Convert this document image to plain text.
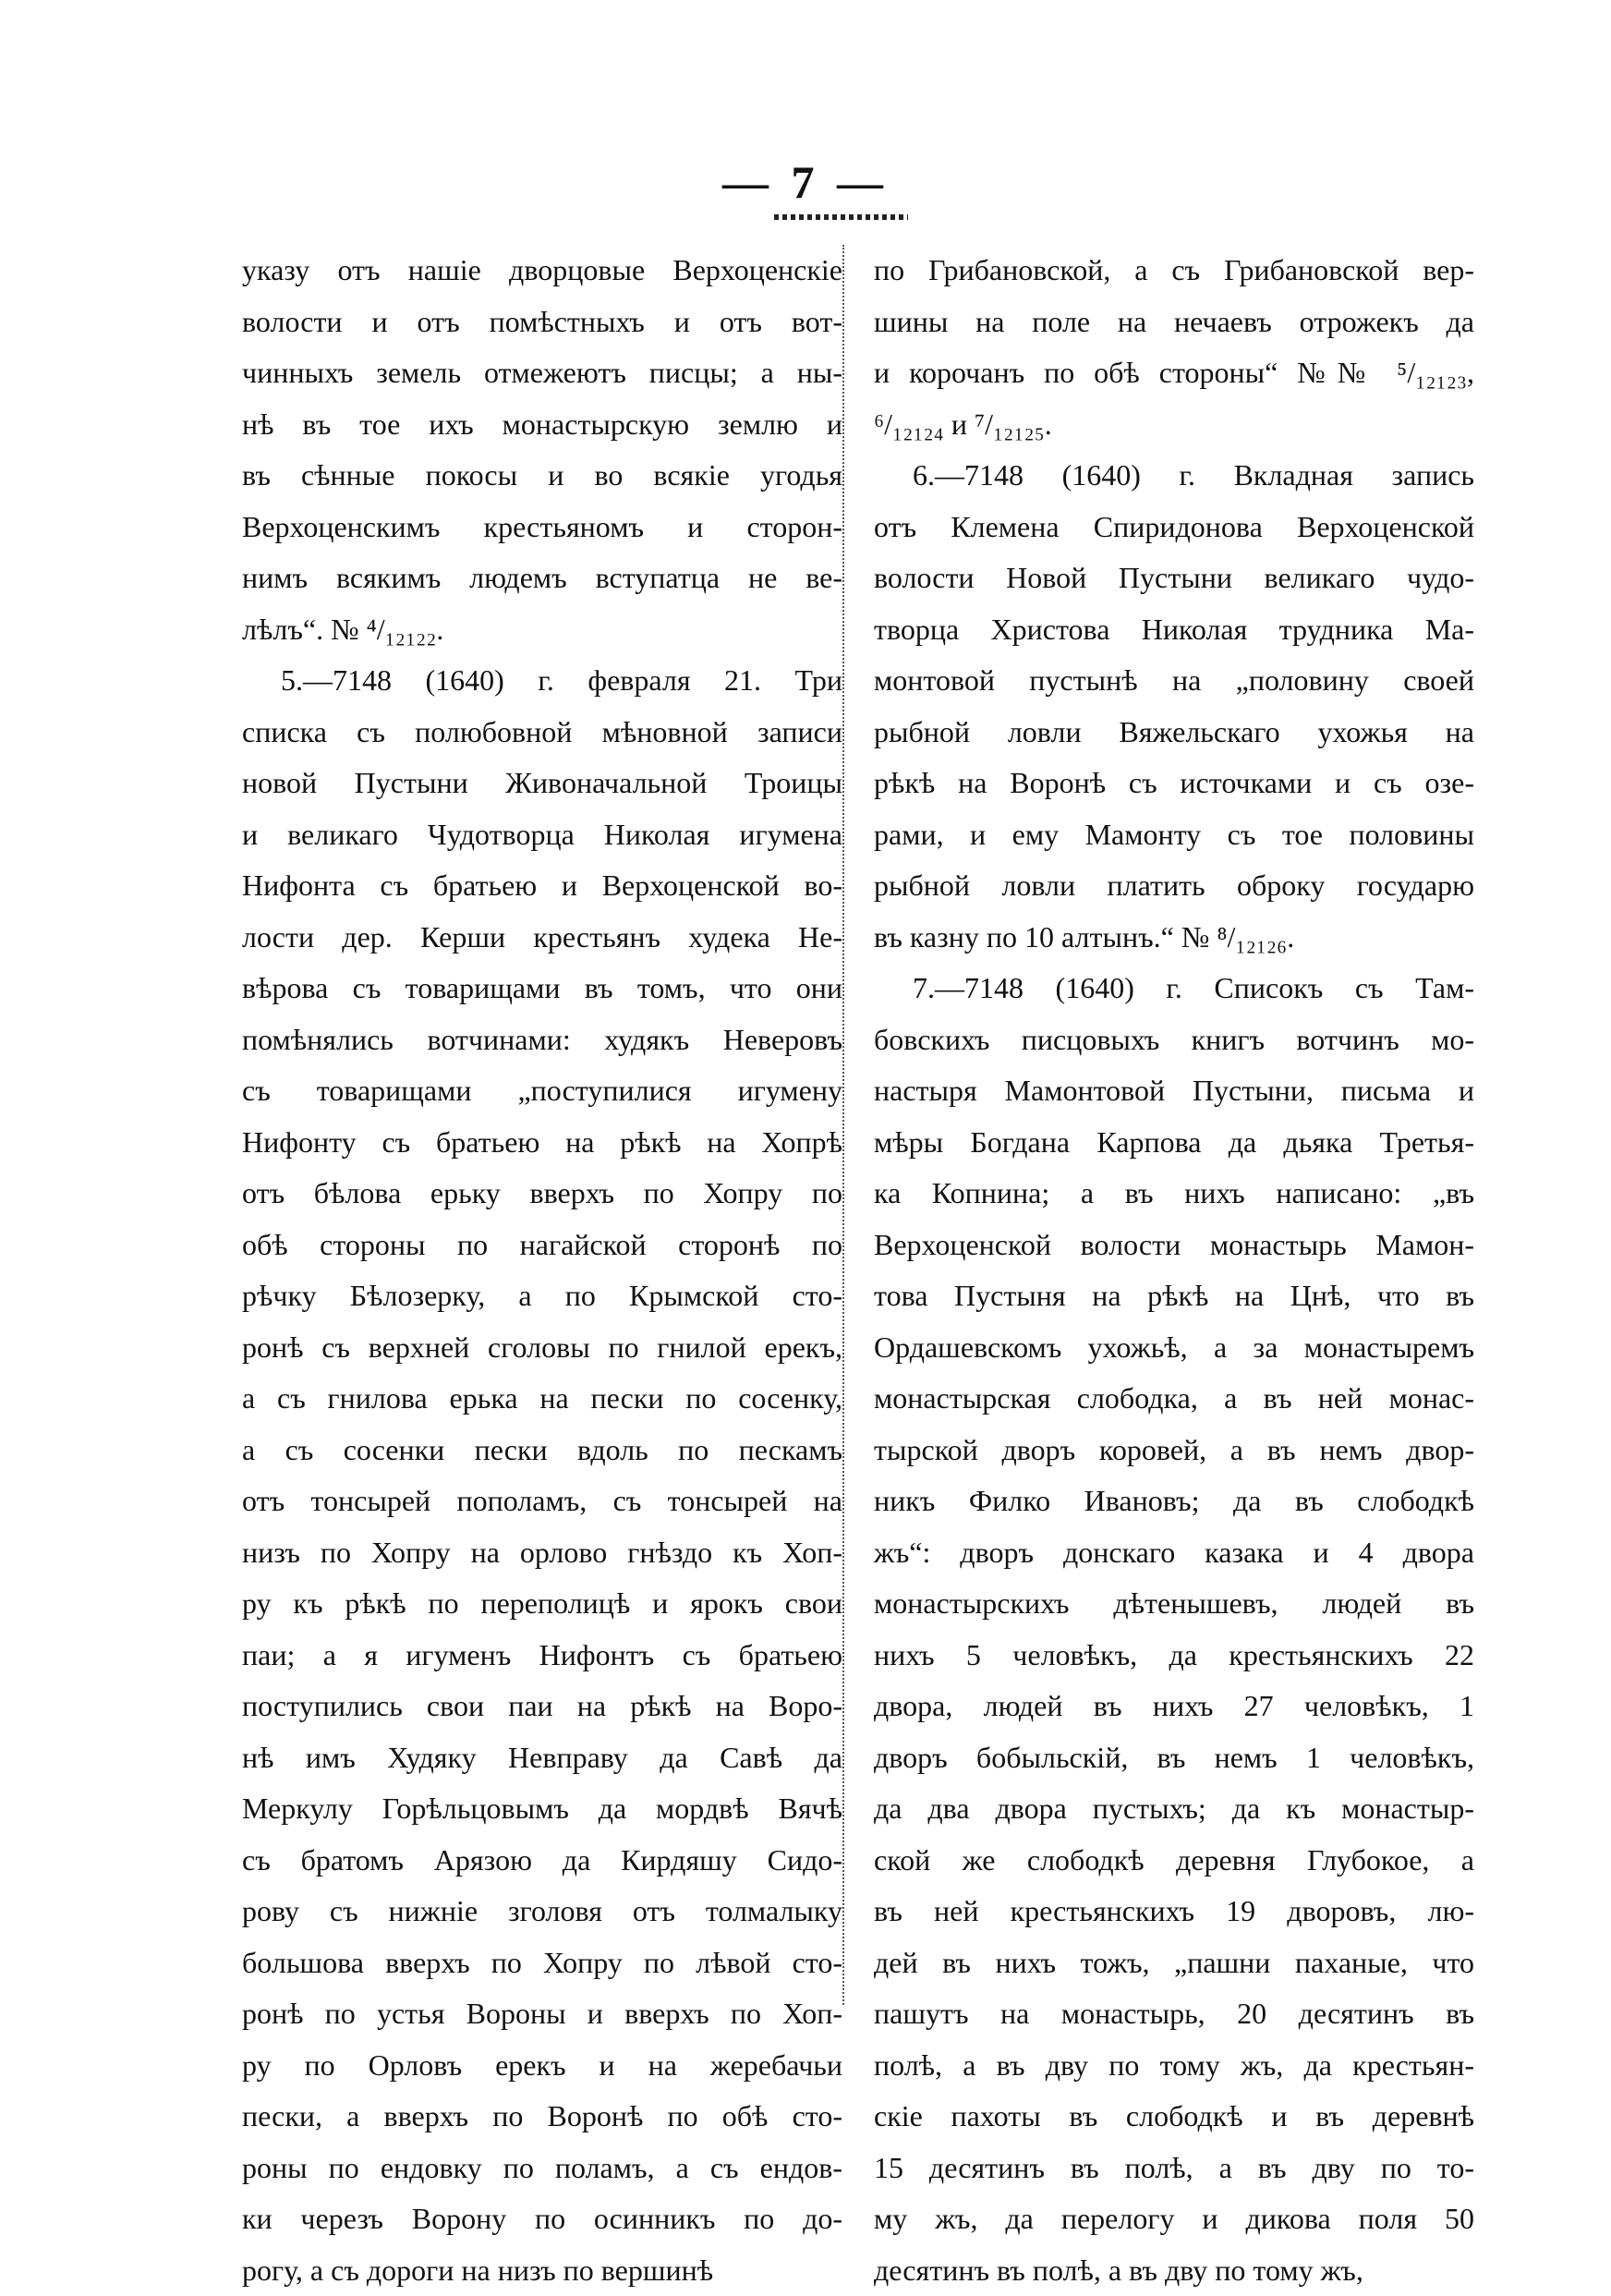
— 7 —
указу отъ нашіе дворцовые Верхоценскіе
волости и отъ помѣстныхъ и отъ вот-
чинныхъ земель отмежеютъ писцы; а ны-
нѣ въ тое ихъ монастырскую землю и
въ сѣнные покосы и во всякіе угодья
Верхоценскимъ крестьяномъ и сторон-
нимъ всякимъ людемъ вступатца не ве-
лѣлъ“. № ⁴/₁₂₁₂₂.
5.—7148 (1640) г. февраля 21. Три
списка съ полюбовной мѣновной записи
новой Пустыни Живоначальной Троицы
и великаго Чудотворца Николая игумена
Нифонта съ братьею и Верхоценской во-
лости дер. Керши крестьянъ худека Не-
вѣрова съ товарищами въ томъ, что они
помѣнялись вотчинами: худякъ Неверовъ
съ товарищами „поступилися игумену
Нифонту съ братьею на рѣкѣ на Хопрѣ
отъ бѣлова ерьку вверхъ по Хопру по
обѣ стороны по нагайской сторонѣ по
рѣчку Бѣлозерку, а по Крымской сто-
ронѣ съ верхней сголовы по гнилой ерекъ,
а съ гнилова ерька на пески по сосенку,
а съ сосенки пески вдоль по пескамъ
отъ тонсырей пополамъ, съ тонсырей на
низъ по Хопру на орлово гнѣздо къ Хоп-
ру къ рѣкѣ по переполицѣ и ярокъ свои
паи; а я игуменъ Нифонтъ съ братьею
поступились свои паи на рѣкѣ на Воро-
нѣ имъ Худяку Невправу да Савѣ да
Меркулу Горѣльцовымъ да мордвѣ Вячѣ
съ братомъ Арязою да Кирдяшу Сидо-
рову съ нижніе зголовя отъ толмалыку
большова вверхъ по Хопру по лѣвой сто-
ронѣ по устья Вороны и вверхъ по Хоп-
ру по Орловъ ерекъ и на жеребачьи
пески, а вверхъ по Воронѣ по обѣ сто-
роны по ендовку по поламъ, а съ ендов-
ки черезъ Ворону по осинникъ по до-
рогу, а съ дороги на низъ по вершинѣ
по Грибановской, а съ Грибановской вер-
шины на поле на нечаевъ отрожекъ да
и корочанъ по обѣ стороны“ №№ ⁵/₁₂₁₂₃,
⁶/₁₂₁₂₄ и ⁷/₁₂₁₂₅.
6.—7148 (1640) г. Вкладная запись
отъ Клемена Спиридонова Верхоценской
волости Новой Пустыни великаго чудо-
творца Христова Николая трудника Ма-
монтовой пустынѣ на „половину своей
рыбной ловли Вяжельскаго ухожья на
рѣкѣ на Воронѣ съ источками и съ озе-
рами, и ему Мамонту съ тое половины
рыбной ловли платить оброку государю
въ казну по 10 алтынъ.“ № ⁸/₁₂₁₂₆.
7.—7148 (1640) г. Списокъ съ Там-
бовскихъ писцовыхъ книгъ вотчинъ мо-
настыря Мамонтовой Пустыни, письма и
мѣры Богдана Карпова да дьяка Третья-
ка Копнина; а въ нихъ написано: „въ
Верхоценской волости монастырь Мамон-
това Пустыня на рѣкѣ на Цнѣ, что въ
Ордашевскомъ ухожьѣ, а за монастыремъ
монастырская слободка, а въ ней монас-
тырской дворъ коровей, а въ немъ двор-
никъ Филко Ивановъ; да въ слободкѣ
жъ“: дворъ донскаго казака и 4 двора
монастырскихъ дѣтенышевъ, людей въ
нихъ 5 человѣкъ, да крестьянскихъ 22
двора, людей въ нихъ 27 человѣкъ, 1
дворъ бобыльскій, въ немъ 1 человѣкъ,
да два двора пустыхъ; да къ монастыр-
ской же слободкѣ деревня Глубокое, а
въ ней крестьянскихъ 19 дворовъ, лю-
дей въ нихъ тожъ, „пашни паханые, что
пашутъ на монастырь, 20 десятинъ въ
полѣ, а въ дву по тому жъ, да крестьян-
скіе пахоты въ слободкѣ и въ деревнѣ
15 десятинъ въ полѣ, а въ дву по то-
му жъ, да перелогу и дикова поля 50
десятинъ въ полѣ, а въ дву по тому жъ,
